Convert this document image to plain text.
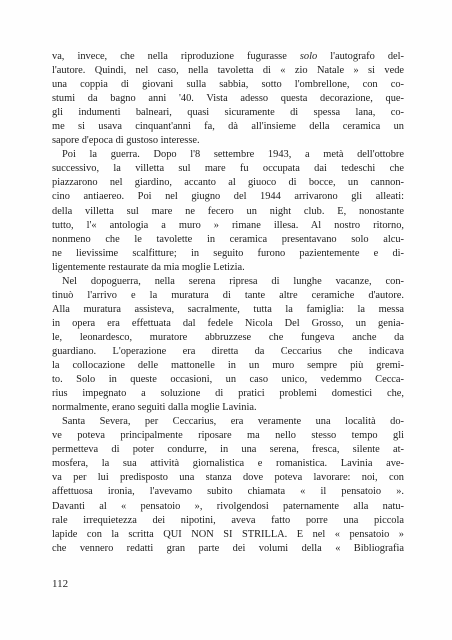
va, invece, che nella riproduzione fugurasse solo l'autografo del-
l'autore. Quindi, nel caso, nella tavoletta di « zio Natale » si vede
una coppia di giovani sulla sabbia, sotto l'ombrellone, con co-
stumi da bagno anni '40. Vista adesso questa decorazione, que-
gli indumenti balneari, quasi sicuramente di spessa lana, co-
me si usava cinquant'anni fa, dà all'insieme della ceramica un
sapore d'epoca di gustoso interesse.
Poi la guerra. Dopo l'8 settembre 1943, a metà dell'ottobre
successivo, la villetta sul mare fu occupata dai tedeschi che
piazzarono nel giardino, accanto al giuoco di bocce, un cannon-
cino antiaereo. Poi nel giugno del 1944 arrivarono gli alleati:
della villetta sul mare ne fecero un night club. E, nonostante
tutto, l'« antologia a muro » rimane illesa. Al nostro ritorno,
nonmeno che le tavolette in ceramica presentavano solo alcu-
ne lievissime scalfitture; in seguito furono pazientemente e di-
ligentemente restaurate da mia moglie Letizia.
Nel dopoguerra, nella serena ripresa di lunghe vacanze, con-
tinuò l'arrivo e la muratura di tante altre ceramiche d'autore.
Alla muratura assisteva, sacralmente, tutta la famiglia: la messa
in opera era effettuata dal fedele Nicola Del Grosso, un genia-
le, leonardesco, muratore abbruzzese che fungeva anche da
guardiano. L'operazione era diretta da Ceccarius che indicava
la collocazione delle mattonelle in un muro sempre più gremi-
to. Solo in queste occasioni, un caso unico, vedemmo Cecca-
rius impegnato a soluzione di pratici problemi domestici che,
normalmente, erano seguiti dalla moglie Lavinia.
Santa Severa, per Ceccarius, era veramente una località do-
ve poteva principalmente riposare ma nello stesso tempo gli
permetteva di poter condurre, in una serena, fresca, silente at-
mosfera, la sua attività giornalistica e romanistica. Lavinia ave-
va per lui predisposto una stanza dove poteva lavorare: noi, con
affettuosa ironia, l'avevamo subito chiamata « il pensatoio ».
Davanti al « pensatoio », rivolgendosi paternamente alla natu-
rale irrequietezza dei nipotini, aveva fatto porre una piccola
lapide con la scritta QUI NON SI STRILLA. E nel « pensatoio »
che vennero redatti gran parte dei volumi della « Bibliografia
112
